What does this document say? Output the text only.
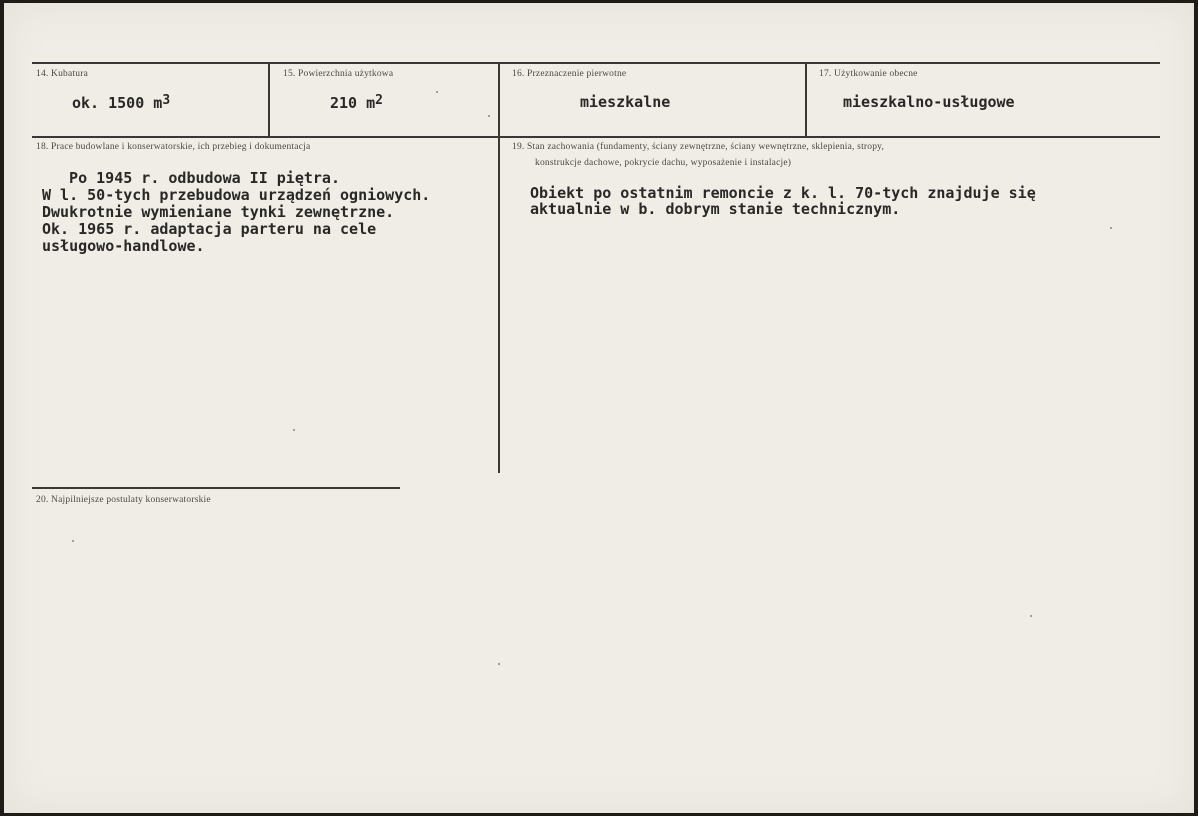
14. Kubatura
ok. 1500 $m^3$
15. Powierzchnia użytkowa
210 $m^2$
16. Przeznaczenie pierwotne
mieszkalne
17. Użytkowanie obecne
mieszkalno-usługowe
18. Prace budowlane i konserwatorskie, ich przebieg i dokumentacja
Po 1945 r. odbudowa II piętra.
W l. 50-tych przebudowa urządzeń ogniowych.
Dwukrotnie wymieniane tynki zewnętrzne.
Ok. 1965 r. adaptacja parteru na cele
usługowo-handlowe.
19. Stan zachowania (fundamenty, ściany zewnętrzne, ściany wewnętrzne, sklepienia, stropy,
konstrukcje dachowe, pokrycie dachu, wyposażenie i instalacje)
Obiekt po ostatnim remoncie z k. l. 70-tych znajduje się
aktualnie w b. dobrym stanie technicznym.
20. Najpilniejsze postulaty konserwatorskie
